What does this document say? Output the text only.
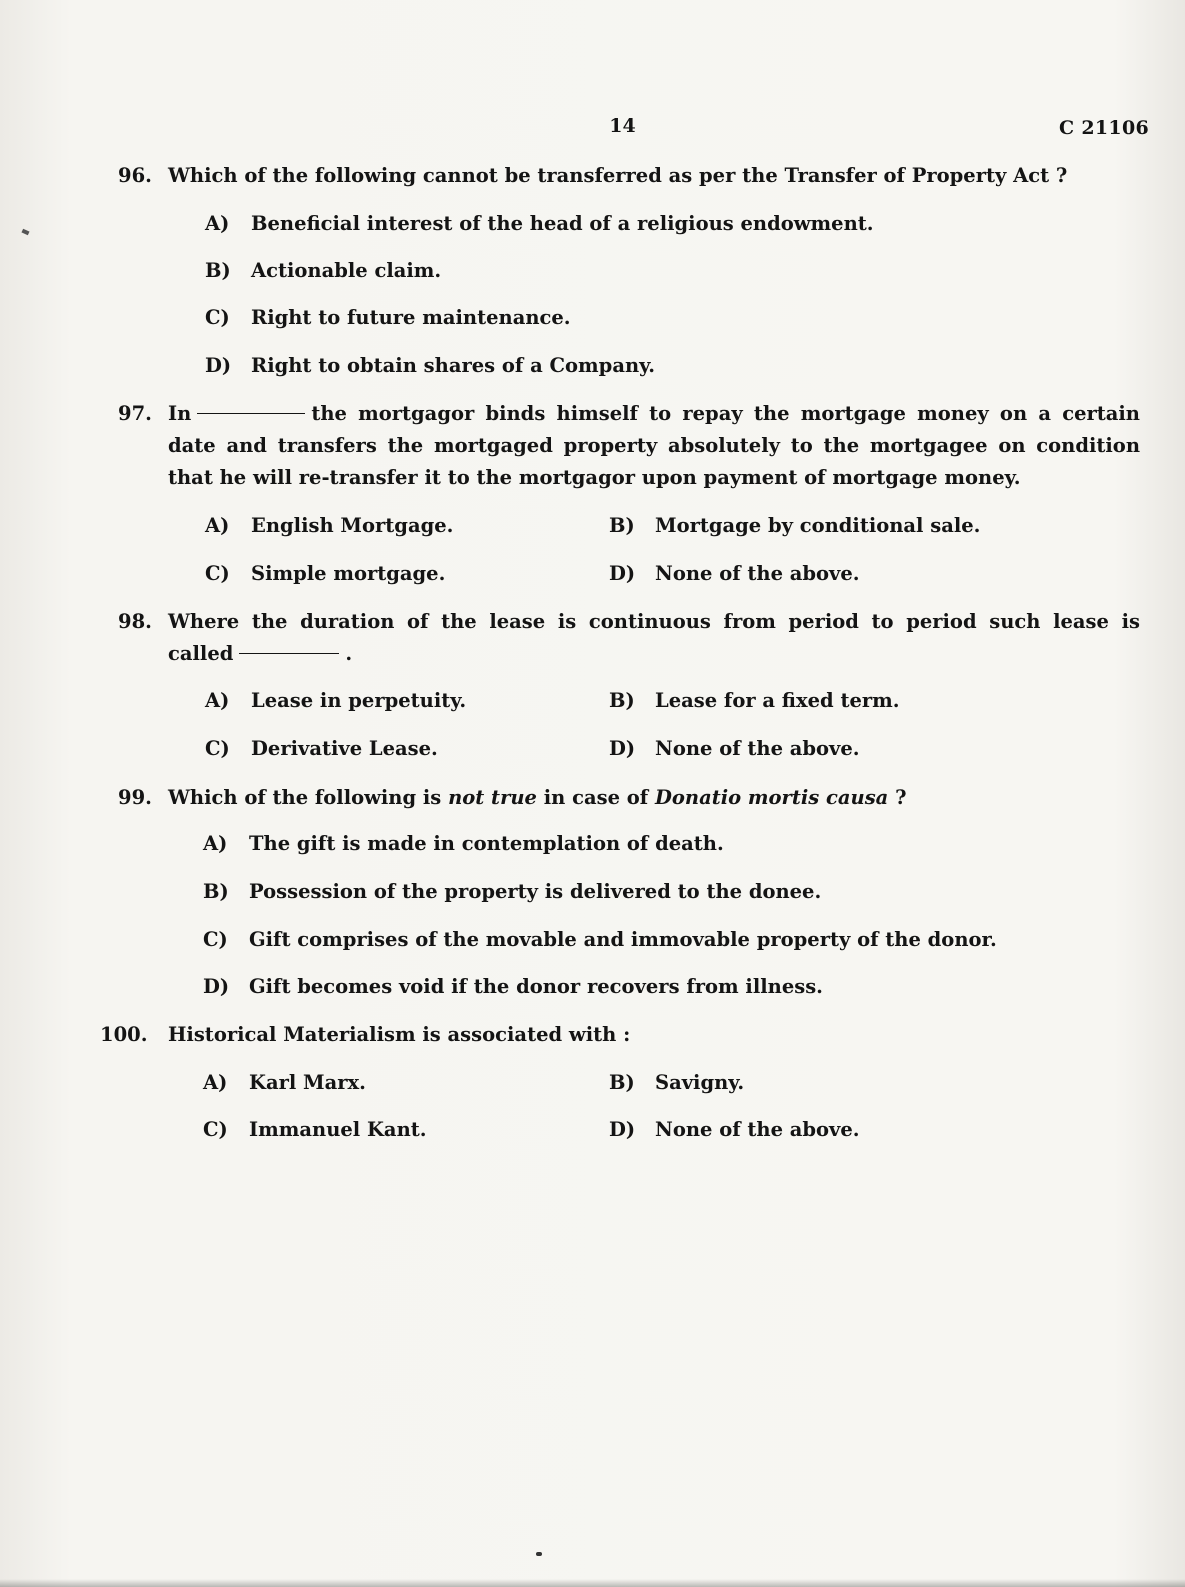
14	C 21106
96. Which of the following cannot be transferred as per the Transfer of Property Act ?
A) Beneficial interest of the head of a religious endowment.
B) Actionable claim.
C) Right to future maintenance.
D) Right to obtain shares of a Company.
97. In	the mortgagor binds himself to repay the mortgage money on a certain date and transfers the mortgaged property absolutely to the mortgagee on condition that he will re-transfer it to the mortgagor upon payment of mortgage money.
A) English Mortgage.	B) Mortgage by conditional sale.
C) Simple mortgage.	D) None of the above.
98. Where the duration of the lease is continuous from period to period such lease is called	.
A) Lease in perpetuity.	B) Lease for a fixed term.
C) Derivative Lease.	D) None of the above.
99. Which of the following is not true in case of Donatio mortis causa ?
A) The gift is made in contemplation of death.
B) Possession of the property is delivered to the donee.
C) Gift comprises of the movable and immovable property of the donor.
D) Gift becomes void if the donor recovers from illness.
100. Historical Materialism is associated with :
A) Karl Marx.	B) Savigny.
C) Immanuel Kant.	D) None of the above.
